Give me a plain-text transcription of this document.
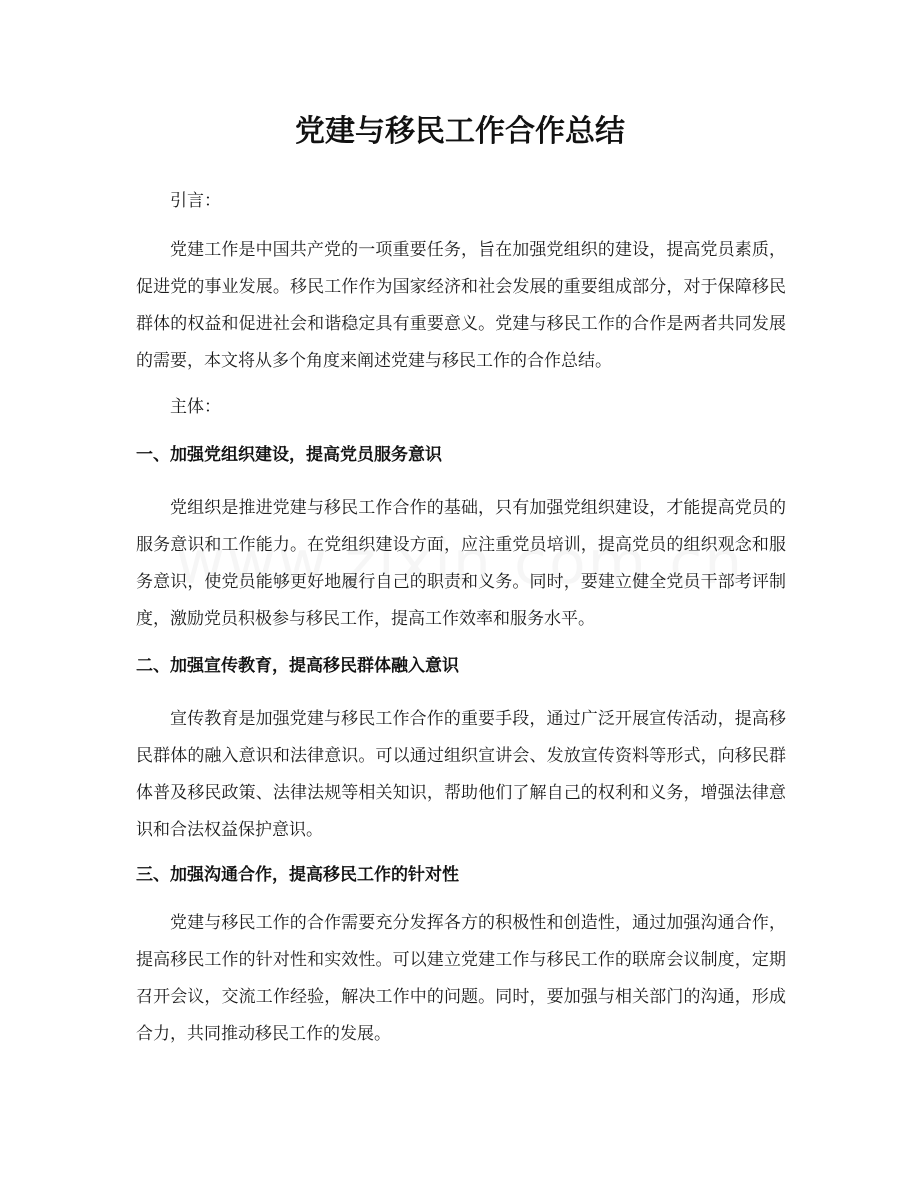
党建与移民工作合作总结

引言：

党建工作是中国共产党的一项重要任务，旨在加强党组织的建设，提高党员素质，促进党的事业发展。移民工作作为国家经济和社会发展的重要组成部分，对于保障移民群体的权益和促进社会和谐稳定具有重要意义。党建与移民工作的合作是两者共同发展的需要，本文将从多个角度来阐述党建与移民工作的合作总结。

主体：

一、加强党组织建设，提高党员服务意识

党组织是推进党建与移民工作合作的基础，只有加强党组织建设，才能提高党员的服务意识和工作能力。在党组织建设方面，应注重党员培训，提高党员的组织观念和服务意识，使党员能够更好地履行自己的职责和义务。同时，要建立健全党员干部考评制度，激励党员积极参与移民工作，提高工作效率和服务水平。

二、加强宣传教育，提高移民群体融入意识

宣传教育是加强党建与移民工作合作的重要手段，通过广泛开展宣传活动，提高移民群体的融入意识和法律意识。可以通过组织宣讲会、发放宣传资料等形式，向移民群体普及移民政策、法律法规等相关知识，帮助他们了解自己的权利和义务，增强法律意识和合法权益保护意识。

三、加强沟通合作，提高移民工作的针对性

党建与移民工作的合作需要充分发挥各方的积极性和创造性，通过加强沟通合作，提高移民工作的针对性和实效性。可以建立党建工作与移民工作的联席会议制度，定期召开会议，交流工作经验，解决工作中的问题。同时，要加强与相关部门的沟通，形成合力，共同推动移民工作的发展。
